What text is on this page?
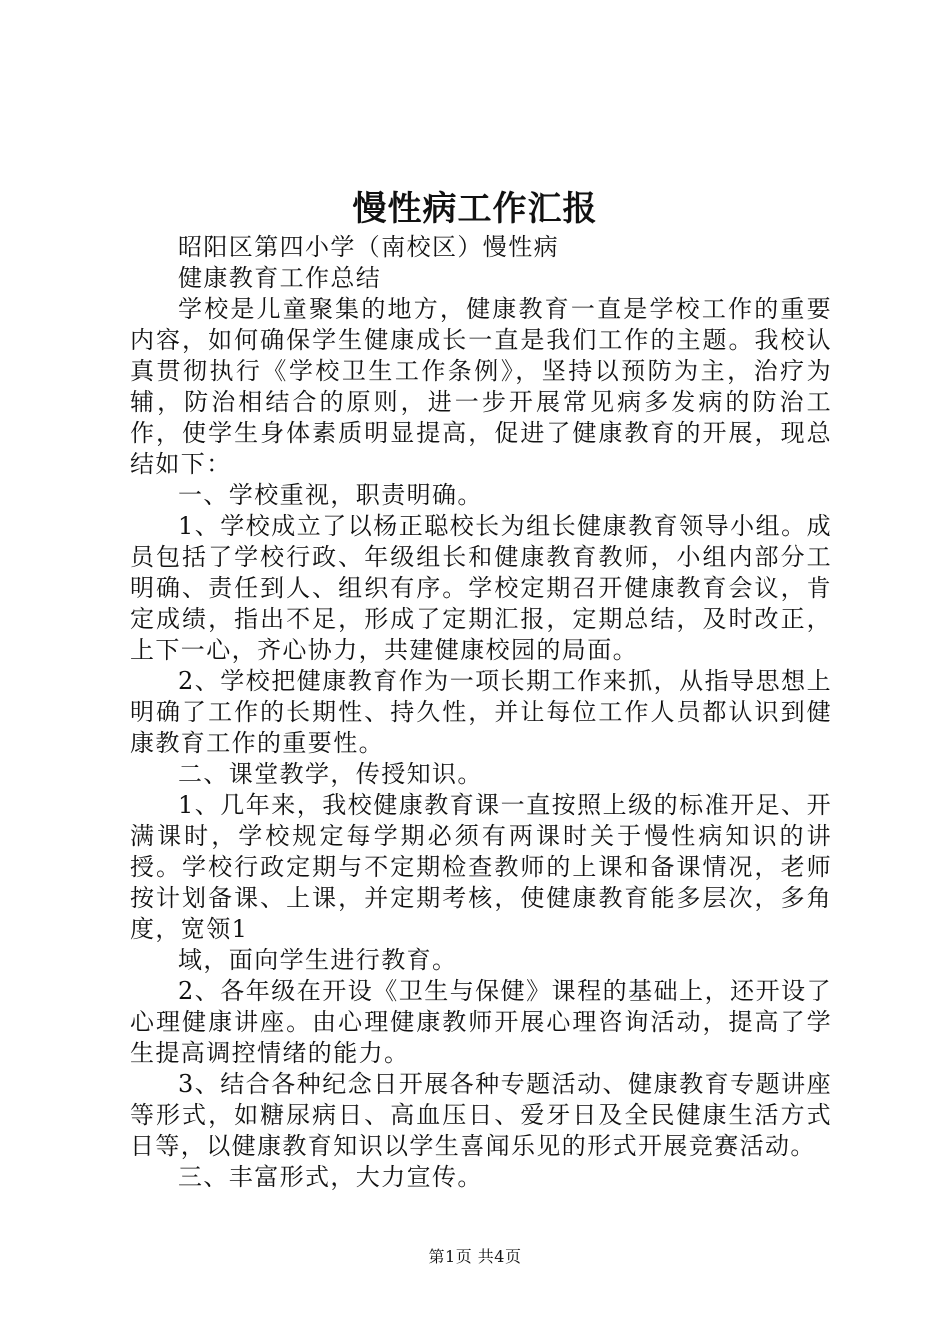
慢性病工作汇报

昭阳区第四小学（南校区）慢性病

健康教育工作总结

学校是儿童聚集的地方，健康教育一直是学校工作的重要内容，如何确保学生健康成长一直是我们工作的主题。我校认真贯彻执行《学校卫生工作条例》，坚持以预防为主，治疗为辅，防治相结合的原则，进一步开展常见病多发病的防治工作，使学生身体素质明显提高，促进了健康教育的开展，现总结如下：

一、学校重视，职责明确。

1、学校成立了以杨正聪校长为组长健康教育领导小组。成员包括了学校行政、年级组长和健康教育教师，小组内部分工明确、责任到人、组织有序。学校定期召开健康教育会议，肯定成绩，指出不足，形成了定期汇报，定期总结，及时改正，上下一心，齐心协力，共建健康校园的局面。

2、学校把健康教育作为一项长期工作来抓，从指导思想上明确了工作的长期性、持久性，并让每位工作人员都认识到健康教育工作的重要性。

二、课堂教学，传授知识。

1、几年来，我校健康教育课一直按照上级的标准开足、开满课时，学校规定每学期必须有两课时关于慢性病知识的讲授。学校行政定期与不定期检查教师的上课和备课情况，老师按计划备课、上课，并定期考核，使健康教育能多层次，多角度，宽领1

域，面向学生进行教育。

2、各年级在开设《卫生与保健》课程的基础上，还开设了心理健康讲座。由心理健康教师开展心理咨询活动，提高了学生提高调控情绪的能力。

3、结合各种纪念日开展各种专题活动、健康教育专题讲座等形式，如糖尿病日、高血压日、爱牙日及全民健康生活方式日等，以健康教育知识以学生喜闻乐见的形式开展竞赛活动。

三、丰富形式，大力宣传。

第1页 共4页
